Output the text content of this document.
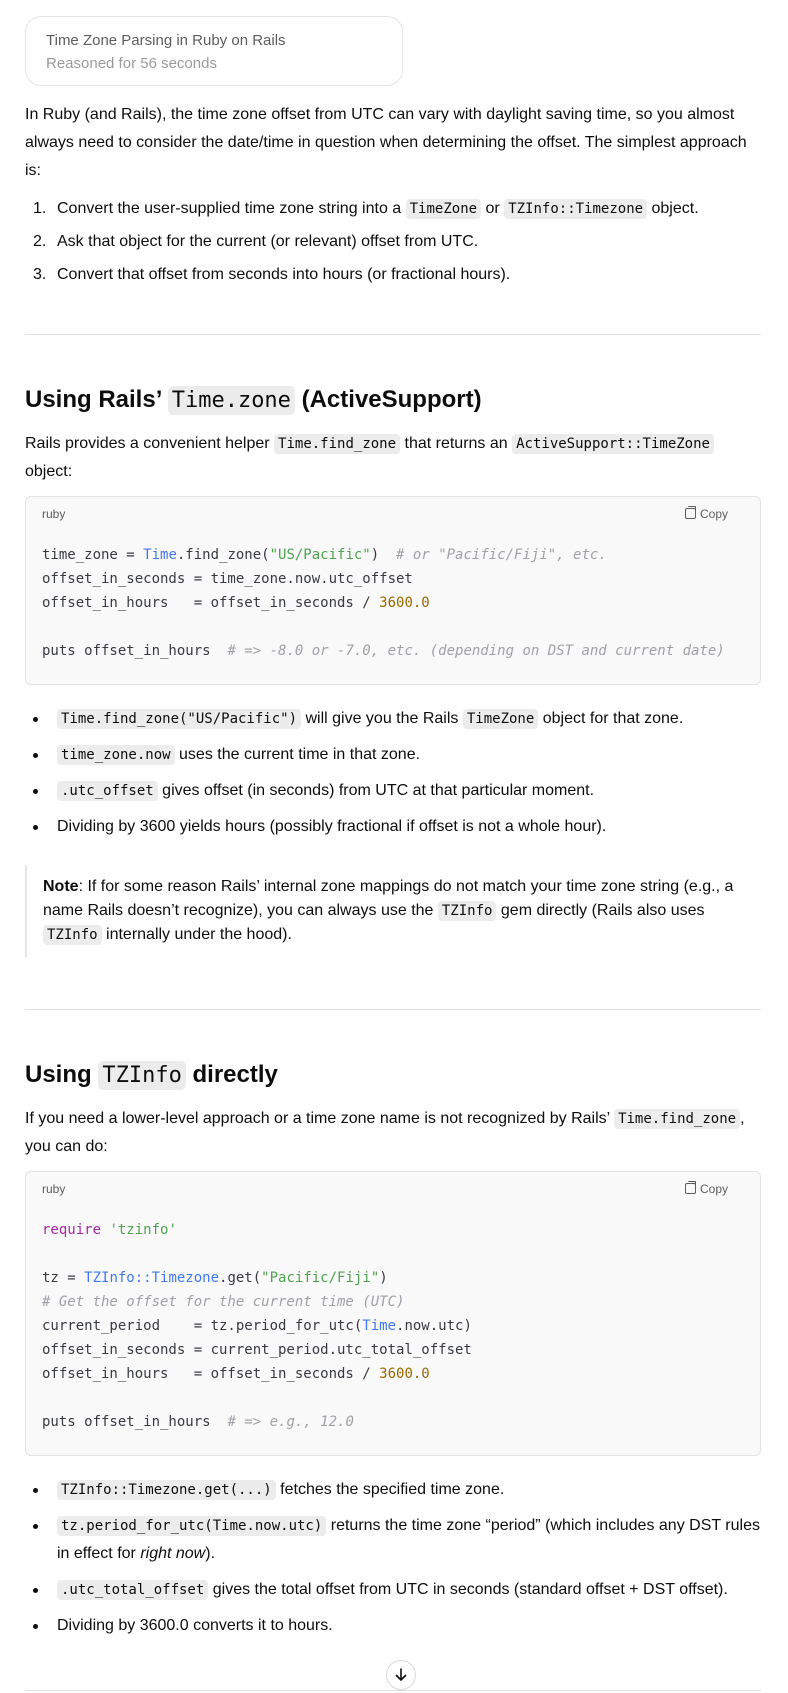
Time Zone Parsing in Ruby on Rails
Reasoned for 56 seconds

In Ruby (and Rails), the time zone offset from UTC can vary with daylight saving time, so you almost always need to consider the date/time in question when determining the offset. The simplest approach is:

1. Convert the user-supplied time zone string into a TimeZone or TZInfo::Timezone object.
2. Ask that object for the current (or relevant) offset from UTC.
3. Convert that offset from seconds into hours (or fractional hours).
Using Rails’ Time.zone (ActiveSupport)

Rails provides a convenient helper Time.find_zone that returns an ActiveSupport::TimeZone object:

ruby	Copy
time_zone = Time.find_zone("US/Pacific")  # or "Pacific/Fiji", etc.
offset_in_seconds = time_zone.now.utc_offset
offset_in_hours   = offset_in_seconds / 3600.0

puts offset_in_hours  # => -8.0 or -7.0, etc. (depending on DST and current date)
Time.find_zone("US/Pacific") will give you the Rails TimeZone object for that zone.
time_zone.now uses the current time in that zone.
.utc_offset gives offset (in seconds) from UTC at that particular moment.
Dividing by 3600 yields hours (possibly fractional if offset is not a whole hour).
Note: If for some reason Rails’ internal zone mappings do not match your time zone string (e.g., a name Rails doesn’t recognize), you can always use the TZInfo gem directly (Rails also uses TZInfo internally under the hood).
Using TZInfo directly

If you need a lower-level approach or a time zone name is not recognized by Rails’ Time.find_zone , you can do:

ruby	Copy
require 'tzinfo'

tz = TZInfo::Timezone.get("Pacific/Fiji")
# Get the offset for the current time (UTC)
current_period    = tz.period_for_utc(Time.now.utc)
offset_in_seconds = current_period.utc_total_offset
offset_in_hours   = offset_in_seconds / 3600.0

puts offset_in_hours  # => e.g., 12.0
TZInfo::Timezone.get(...) fetches the specified time zone.
tz.period_for_utc(Time.now.utc) returns the time zone “period” (which includes any DST rules in effect for right now).
.utc_total_offset gives the total offset from UTC in seconds (standard offset + DST offset).
Dividing by 3600.0 converts it to hours.
